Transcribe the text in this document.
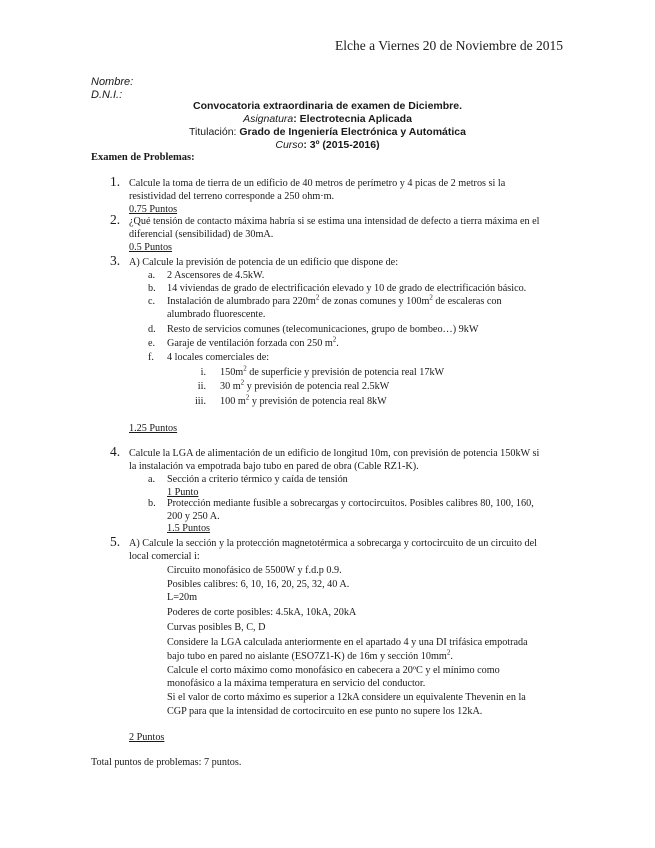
Elche a Viernes 20 de Noviembre de 2015
Nombre:
D.N.I.:
Convocatoria extraordinaria de examen de Diciembre.
Asignatura: Electrotecnia Aplicada
Titulación: Grado de Ingeniería Electrónica y Automática
Curso: 3º (2015-2016)
Examen de Problemas:
1. Calcule la toma de tierra de un edificio de 40 metros de perímetro y 4 picas de 2 metros si la
resistividad del terreno corresponde a 250 ohm·m.
0.75 Puntos
2. ¿Qué tensión de contacto máxima habría si se estima una intensidad de defecto a tierra máxima en el
diferencial (sensibilidad) de 30mA.
0.5 Puntos
3. A) Calcule la previsión de potencia de un edificio que dispone de:
a. 2 Ascensores de 4.5kW.
b. 14 viviendas de grado de electrificación elevado y 10 de grado de electrificación básico.
c. Instalación de alumbrado para $220m^2$ de zonas comunes y $100m^2$ de escaleras con
alumbrado fluorescente.
d. Resto de servicios comunes (telecomunicaciones, grupo de bombeo…) 9kW
e. Garaje de ventilación forzada con 250 $m^2$.
f. 4 locales comerciales de:
i. $150m^2$ de superficie y previsión de potencia real 17kW
ii. 30 $m^2$ y previsión de potencia real 2.5kW
iii. 100 $m^2$ y previsión de potencia real 8kW
1.25 Puntos
4. Calcule la LGA de alimentación de un edificio de longitud 10m, con previsión de potencia 150kW si
la instalación va empotrada bajo tubo en pared de obra (Cable RZ1-K).
a. Sección a criterio térmico y caída de tensión
1 Punto
b. Protección mediante fusible a sobrecargas y cortocircuitos. Posibles calibres 80, 100, 160,
200 y 250 A.
1.5 Puntos
5. A) Calcule la sección y la protección magnetotérmica a sobrecarga y cortocircuito de un circuito del
local comercial i:
Circuito monofásico de 5500W y f.d.p 0.9.
Posibles calibres: 6, 10, 16, 20, 25, 32, 40 A.
L=20m
Poderes de corte posibles: 4.5kA, 10kA, 20kA
Curvas posibles B, C, D
Considere la LGA calculada anteriormente en el apartado 4 y una DI trifásica empotrada
bajo tubo en pared no aislante (ESO7Z1-K) de 16m y sección $10mm^2$.
Calcule el corto máximo como monofásico en cabecera a 20ºC y el mínimo como
monofásico a la máxima temperatura en servicio del conductor.
Si el valor de corto máximo es superior a 12kA considere un equivalente Thevenin en la
CGP para que la intensidad de cortocircuito en ese punto no supere los 12kA.
2 Puntos
Total puntos de problemas: 7 puntos.
